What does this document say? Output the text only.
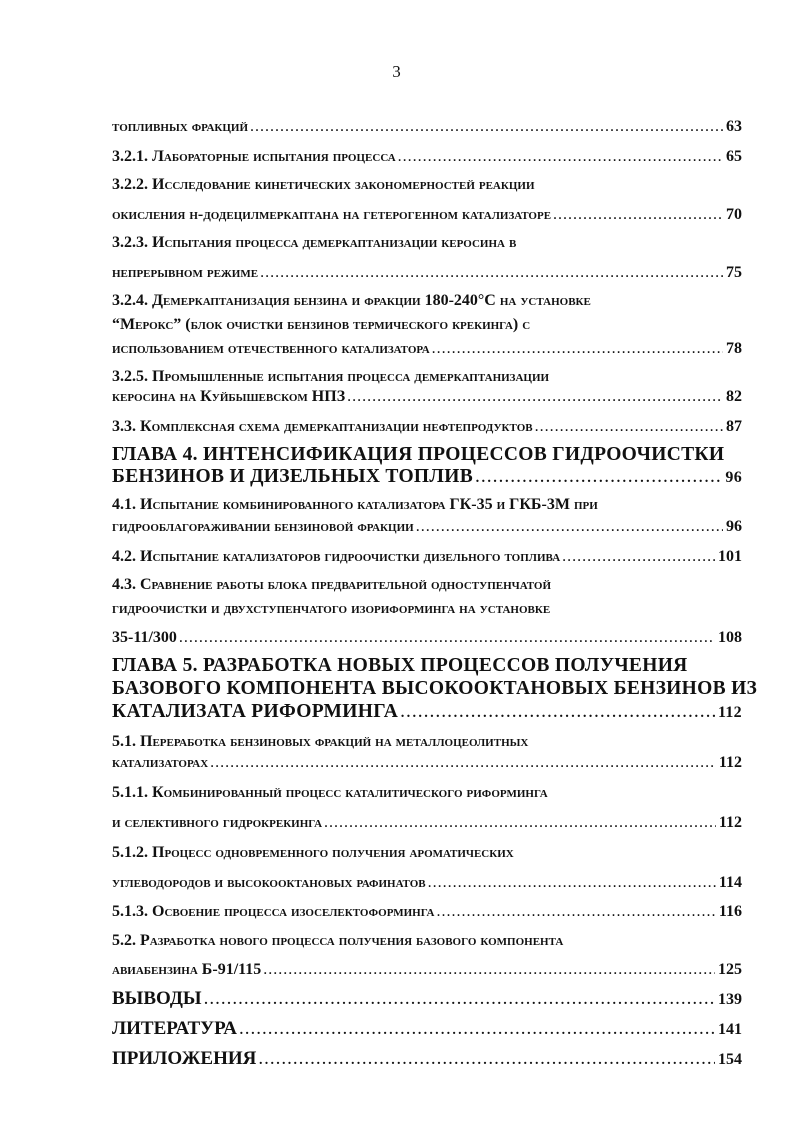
3
топливных фракций .....	63
3.2.1. Лабораторные испытания процесса .....	65
3.2.2. Исследование кинетических закономерностей реакции
окисления н-додецилмеркаптана на гетерогенном катализаторе .....	70
3.2.3. Испытания процесса демеркаптанизации керосина в
непрерывном режиме .....	75
3.2.4. Демеркаптанизация бензина и фракции 180-240°С на установке
“Мерокс” (блок очистки бензинов термического крекинга) с
использованием отечественного катализатора .....	78
3.2.5. Промышленные испытания процесса демеркаптанизации
керосина на Куйбышевском НПЗ .....	82
3.3. Комплексная схема демеркаптанизации нефтепродуктов .....	87
ГЛАВА 4. ИНТЕНСИФИКАЦИЯ ПРОЦЕССОВ ГИДРООЧИСТКИ
БЕНЗИНОВ И ДИЗЕЛЬНЫХ ТОПЛИВ .....	96
4.1. Испытание комбинированного катализатора ГК-35 и ГКБ-3М при
гидрооблагораживании бензиновой фракции .....	96
4.2. Испытание катализаторов гидроочистки дизельного топлива .....	101
4.3. Сравнение работы блока предварительной одноступенчатой
гидроочистки и двухступенчатого изориформинга на установке
35-11/300 .....	108
ГЛАВА 5. РАЗРАБОТКА НОВЫХ ПРОЦЕССОВ ПОЛУЧЕНИЯ
БАЗОВОГО КОМПОНЕНТА ВЫСОКООКТАНОВЫХ БЕНЗИНОВ ИЗ
КАТАЛИЗАТА РИФОРМИНГА .....	112
5.1. Переработка бензиновых фракций на металлоцеолитных
катализаторах .....	112
5.1.1. Комбинированный процесс каталитического риформинга
и селективного гидрокрекинга .....	112
5.1.2. Процесс одновременного получения ароматических
углеводородов и высокооктановых рафинатов .....	114
5.1.3. Освоение процесса изоселектоформинга .....	116
5.2. Разработка нового процесса получения базового компонента
авиабензина Б-91/115 .....	125
ВЫВОДЫ .....	139
ЛИТЕРАТУРА .....	141
ПРИЛОЖЕНИЯ .....	154
